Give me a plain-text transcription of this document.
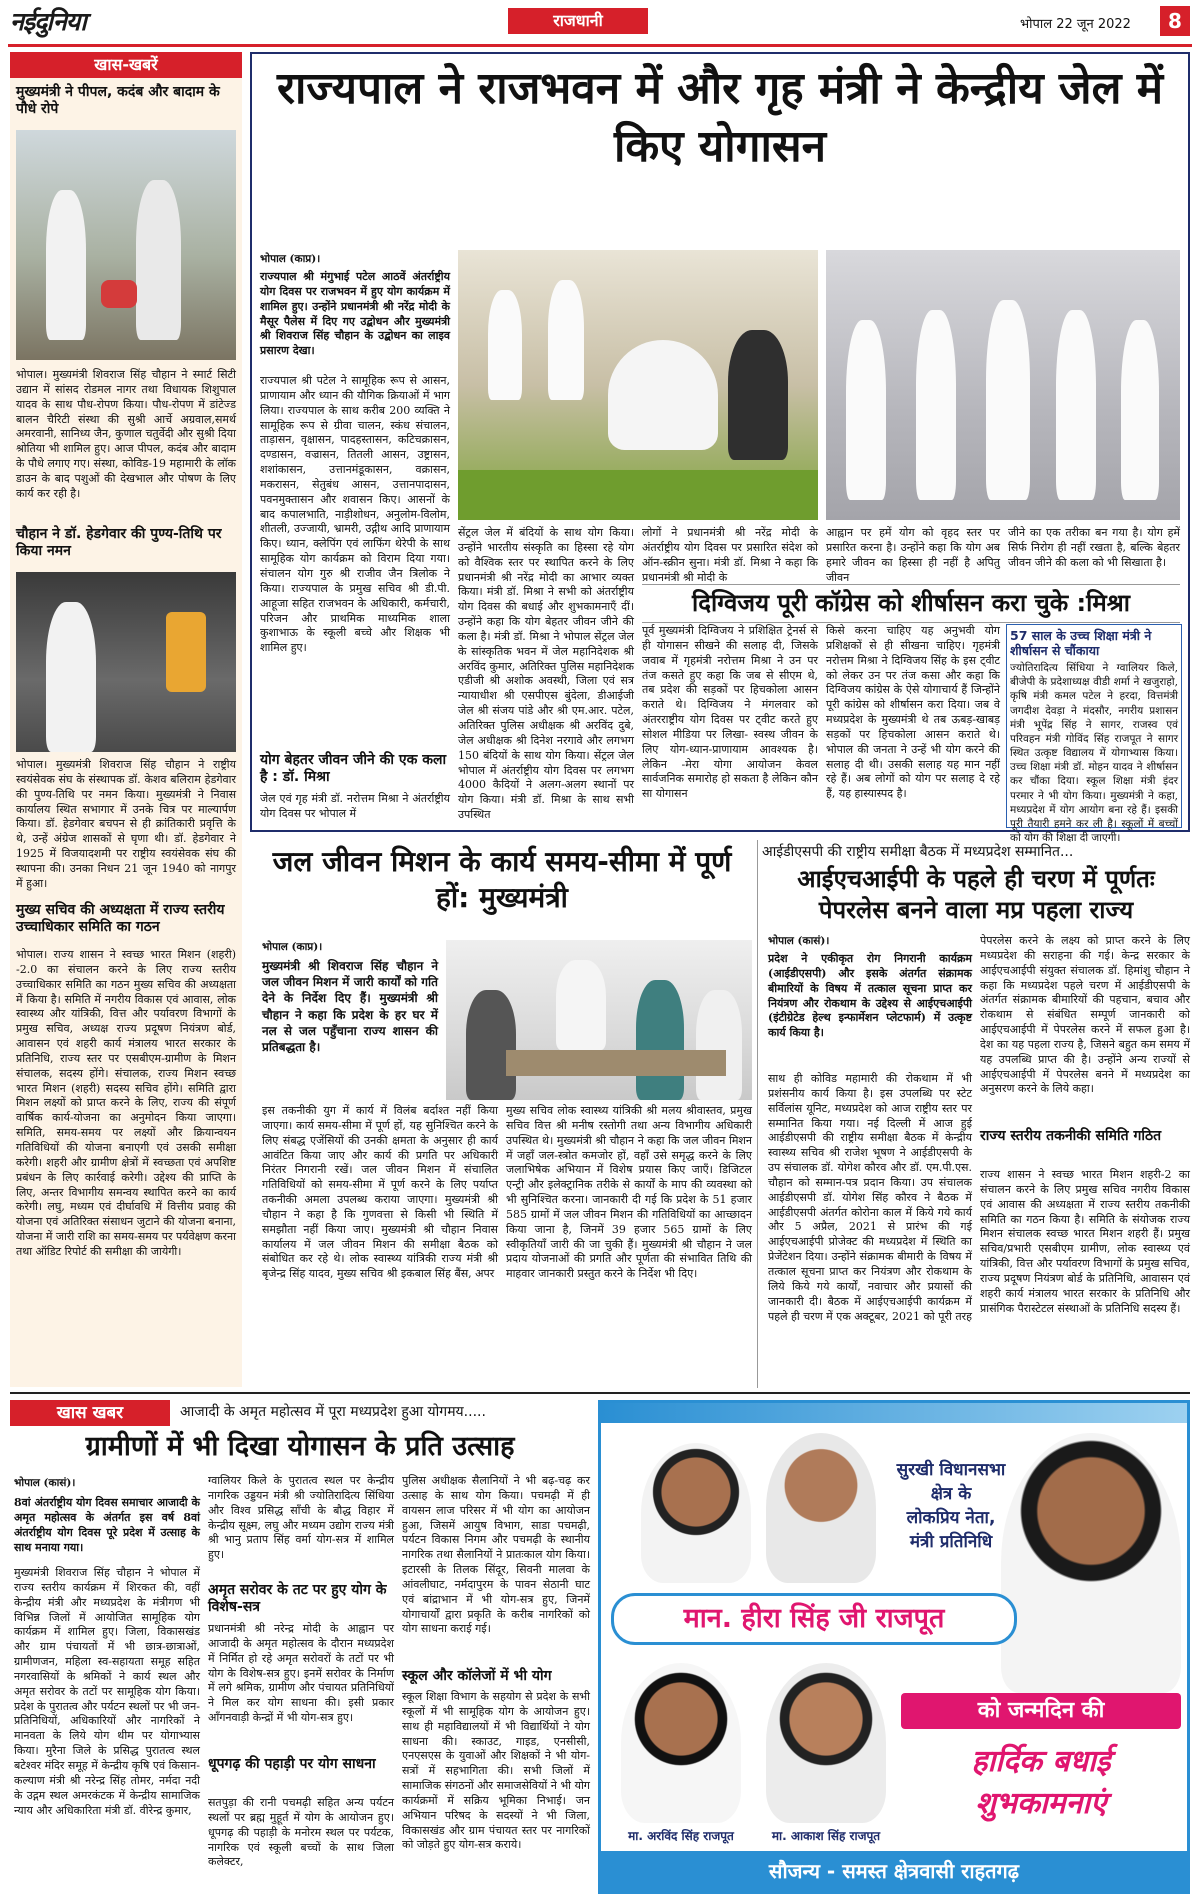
नईदुनिया	राजधानी	भोपाल 22 जून 2022	8
खास-खबरें
मुख्यमंत्री ने पीपल, कदंब और बादाम के पौधे रोपे
भोपाल। मुख्यमंत्री शिवराज सिंह चौहान ने स्मार्ट सिटी उद्यान में सांसद रोडमल नागर तथा विधायक शिशुपाल यादव के साथ पौध-रोपण किया। पौध-रोपण में डांटेज्ड बालन चैरिटी संस्था की सुश्री आर्चे अग्रवाल,समर्थ अमरवानी, सानिध्य जैन, कुणाल चतुर्वेदी और सुश्री दिया श्रोतिया भी शामिल हुए। आज पीपल, कदंब और बादाम के पौधे लगाए गए। संस्था, कोविड-19 महामारी के लॉक डाउन के बाद पशुओं की देखभाल और पोषण के लिए कार्य कर रही है।
चौहान ने डॉ. हेडगेवार की पुण्य-तिथि पर किया नमन
भोपाल। मुख्यमंत्री शिवराज सिंह चौहान ने राष्ट्रीय स्वयंसेवक संघ के संस्थापक डॉ. केशव बलिराम हेडगेवार की पुण्य-तिथि पर नमन किया। मुख्यमंत्री ने निवास कार्यालय स्थित सभागार में उनके चित्र पर माल्यार्पण किया। डॉ. हेडगेवार बचपन से ही क्रांतिकारी प्रवृत्ति के थे, उन्हें अंग्रेज शासकों से घृणा थी। डॉ. हेडगेवार ने 1925 में विजयादशमी पर राष्ट्रीय स्वयंसेवक संघ की स्थापना की। उनका निधन 21 जून 1940 को नागपुर में हुआ।
मुख्य सचिव की अध्यक्षता में राज्य स्तरीय उच्चाधिकार समिति का गठन
भोपाल। राज्य शासन ने स्वच्छ भारत मिशन (शहरी) -2.0 का संचालन करने के लिए राज्य स्तरीय उच्चाधिकार समिति का गठन मुख्य सचिव की अध्यक्षता में किया है। समिति में नगरीय विकास एवं आवास, लोक स्वास्थ्य और यांत्रिकी, वित्त और पर्यावरण विभागों के प्रमुख सचिव, अध्यक्ष राज्य प्रदूषण नियंत्रण बोर्ड, आवासन एवं शहरी कार्य मंत्रालय भारत सरकार के प्रतिनिधि, राज्य स्तर पर एसबीएम-ग्रामीण के मिशन संचालक, सदस्य होंगे। संचालक, राज्य मिशन स्वच्छ भारत मिशन (शहरी) सदस्य सचिव होंगे। समिति द्वारा मिशन लक्ष्यों को प्राप्त करने के लिए, राज्य की संपूर्ण वार्षिक कार्य-योजना का अनुमोदन किया जाएगा। समिति, समय-समय पर लक्ष्यों और क्रियान्वयन गतिविधियों की योजना बनाएगी एवं उसकी समीक्षा करेगी। शहरी और ग्रामीण क्षेत्रों में स्वच्छता एवं अपशिष्ट प्रबंधन के लिए कार्रवाई करेगी। उद्देश्य की प्राप्ति के लिए, अन्तर विभागीय समन्वय स्थापित करने का कार्य करेगी। लघु, मध्यम एवं दीर्घावधि में वित्तीय प्रवाह की योजना एवं अतिरिक्त संसाधन जुटाने की योजना बनाना, योजना में जारी राशि का समय-समय पर पर्यवेक्षण करना तथा ऑडिट रिपोर्ट की समीक्षा की जायेगी।
राज्यपाल ने राजभवन में और गृह मंत्री ने केन्द्रीय जेल में किए योगासन
भोपाल (काप्र)।
राज्यपाल श्री मंगुभाई पटेल आठवें अंतर्राष्ट्रीय योग दिवस पर राजभवन में हुए योग कार्यक्रम में शामिल हुए। उन्होंने प्रधानमंत्री श्री नरेंद्र मोदी के मैसूर पैलेस में दिए गए उद्बोधन और मुख्यमंत्री श्री शिवराज सिंह चौहान के उद्बोधन का लाइव प्रसारण देखा।
राज्यपाल श्री पटेल ने सामूहिक रूप से आसन, प्राणायाम और ध्यान की यौगिक क्रियाओं में भाग लिया। राज्यपाल के साथ करीब 200 व्यक्ति ने सामूहिक रूप से ग्रीवा चालन, स्कंध संचालन, ताड़ासन, वृक्षासन, पादहस्तासन, कटिचक्रासन, दण्डासन, वज्रासन, तितली आसन, उष्ट्रासन, शशांकासन, उत्तानमंडूकासन, वक्रासन, मकरासन, सेतुबंध आसन, उत्तानपादासन, पवनमुक्तासन और शवासन किए। आसनों के बाद कपालभाति, नाड़ीशोधन, अनुलोम-विलोम, शीतली, उज्जायी, भ्रामरी, उद्गीथ आदि प्राणायाम किए। ध्यान, क्लेपिंग एवं लाफिंग थेरेपी के साथ सामूहिक योग कार्यक्रम को विराम दिया गया। संचालन योग गुरु श्री राजीव जैन त्रिलोक ने किया। राज्यपाल के प्रमुख सचिव श्री डी.पी. आहूजा सहित राजभवन के अधिकारी, कर्मचारी, परिजन और प्राथमिक माध्यमिक शाला कुशाभाऊ के स्कूली बच्चे और शिक्षक भी शामिल हुए।
योग बेहतर जीवन जीने की एक कला है : डॉ. मिश्रा
जेल एवं गृह मंत्री डॉ. नरोत्तम मिश्रा ने अंतर्राष्ट्रीय योग दिवस पर भोपाल में
सेंट्रल जेल में बंदियों के साथ योग किया। उन्होंने भारतीय संस्कृति का हिस्सा रहे योग को वैश्विक स्तर पर स्थापित करने के लिए प्रधानमंत्री श्री नरेंद्र मोदी का आभार व्यक्त किया। मंत्री डॉ. मिश्रा ने सभी को अंतर्राष्ट्रीय योग दिवस की बधाई और शुभकामनाएँ दीं। उन्होंने कहा कि योग बेहतर जीवन जीने की कला है। मंत्री डॉ. मिश्रा ने भोपाल सेंट्रल जेल के सांस्कृतिक भवन में जेल महानिदेशक श्री अरविंद कुमार, अतिरिक्त पुलिस महानिदेशक एडीजी श्री अशोक अवस्थी, जिला एवं सत्र न्यायाधीश श्री एसपीएस बुंदेला, डीआईजी जेल श्री संजय पांडे और श्री एम.आर. पटेल, अतिरिक्त पुलिस अधीक्षक श्री अरविंद दुबे, जेल अधीक्षक श्री दिनेश नरगावे और लगभग 150 बंदियों के साथ योग किया। सेंट्रल जेल भोपाल में अंतर्राष्ट्रीय योग दिवस पर लगभग 4000 कैदियों ने अलग-अलग स्थानों पर योग किया। मंत्री डॉ. मिश्रा के साथ सभी उपस्थित
लोगों ने प्रधानमंत्री श्री नरेंद्र मोदी के अंतर्राष्ट्रीय योग दिवस पर प्रसारित संदेश को ऑन-स्क्रीन सुना। मंत्री डॉ. मिश्रा ने कहा कि प्रधानमंत्री श्री मोदी के
आह्वान पर हमें योग को वृहद स्तर पर प्रसारित करना है। उन्होंने कहा कि योग अब हमारे जीवन का हिस्सा ही नहीं है अपितु जीवन
जीने का एक तरीका बन गया है। योग हमें सिर्फ निरोग ही नहीं रखता है, बल्कि बेहतर जीवन जीने की कला को भी सिखाता है।
दिग्विजय पूरी कॉग्रेस को शीर्षासन करा चुके :मिश्रा
पूर्व मुख्यमंत्री दिग्विजय ने प्रशिक्षित ट्रेनर्स से ही योगासन सीखने की सलाह दी, जिसके जवाब में गृहमंत्री नरोत्तम मिश्रा ने उन पर तंज कसते हुए कहा कि जब से सीएम थे, तब प्रदेश की सड़कों पर हिचकोला आसन कराते थे। दिग्विजय ने मंगलवार को अंतरराष्ट्रीय योग दिवस पर ट्वीट करते हुए सोशल मीडिया पर लिखा- स्वस्थ जीवन के लिए योग-ध्यान-प्राणायाम आवश्यक है। लेकिन -मेरा योगा आयोजन केवल सार्वजनिक समारोह हो सकता है लेकिन कौन सा योगासन
किसे करना चाहिए यह अनुभवी योग प्रशिक्षकों से ही सीखना चाहिए। गृहमंत्री नरोत्तम मिश्रा ने दिग्विजय सिंह के इस ट्वीट को लेकर उन पर तंज कसा और कहा कि दिग्विजय कांग्रेस के ऐसे योगाचार्य हैं जिन्होंने पूरी कांग्रेस को शीर्षासन करा दिया। जब वे मध्यप्रदेश के मुख्यमंत्री थे तब ऊबड़-खाबड़ सड़कों पर हिचकोला आसन कराते थे। भोपाल की जनता ने उन्हें भी योग करने की सलाह दी थी। उसकी सलाह यह मान नहीं रहे हैं। अब लोगों को योग पर सलाह दे रहे हैं, यह हास्यास्पद है।
57 साल के उच्च शिक्षा मंत्री ने शीर्षासन से चौंकाया
ज्योतिरादित्य सिंधिया ने ग्वालियर किले, बीजेपी के प्रदेशाध्यक्ष वीडी शर्मा ने खजुराहो, कृषि मंत्री कमल पटेल ने हरदा, वित्तमंत्री जगदीश देवड़ा ने मंदसौर, नगरीय प्रशासन मंत्री भूपेंद्र सिंह ने सागर, राजस्व एवं परिवहन मंत्री गोविंद सिंह राजपूत ने सागर स्थित उत्कृष्ट विद्यालय में योगाभ्यास किया। उच्च शिक्षा मंत्री डॉ. मोहन यादव ने शीर्षासन कर चौंका दिया। स्कूल शिक्षा मंत्री इंदर परमार ने भी योग किया। मुख्यमंत्री ने कहा, मध्यप्रदेश में योग आयोग बना रहे हैं। इसकी पूरी तैयारी हमने कर ली है। स्कूलों में बच्चों को योग की शिक्षा दी जाएगी।
जल जीवन मिशन के कार्य समय-सीमा में पूर्ण हों: मुख्यमंत्री
भोपाल (काप्र)।
मुख्यमंत्री श्री शिवराज सिंह चौहान ने जल जीवन मिशन में जारी कार्यों को गति देने के निर्देश दिए हैं। मुख्यमंत्री श्री चौहान ने कहा कि प्रदेश के हर घर में नल से जल पहुँचाना राज्य शासन की प्रतिबद्धता है।
इस तकनीकी युग में कार्य में विलंब बर्दाश्त नहीं किया जाएगा। कार्य समय-सीमा में पूर्ण हों, यह सुनिश्चित करने के लिए संबद्ध एजेंसियों की उनकी क्षमता के अनुसार ही कार्य आवंटित किया जाए और कार्य की प्रगति पर अधिकारी निरंतर निगरानी रखें। जल जीवन मिशन में संचालित गतिविधियों को समय-सीमा में पूर्ण करने के लिए पर्याप्त तकनीकी अमला उपलब्ध कराया जाएगा। मुख्यमंत्री श्री चौहान ने कहा है कि गुणवत्ता से किसी भी स्थिति में समझौता नहीं किया जाए। मुख्यमंत्री श्री चौहान निवास कार्यालय में जल जीवन मिशन की समीक्षा बैठक को संबोधित कर रहे थे। लोक स्वास्थ्य यांत्रिकी राज्य मंत्री श्री बृजेन्द्र सिंह यादव, मुख्य सचिव श्री इकबाल सिंह बैंस, अपर
मुख्य सचिव लोक स्वास्थ्य यांत्रिकी श्री मलय श्रीवास्तव, प्रमुख सचिव वित्त श्री मनीष रस्तोगी तथा अन्य विभागीय अधिकारी उपस्थित थे। मुख्यमंत्री श्री चौहान ने कहा कि जल जीवन मिशन में जहाँ जल-स्त्रोत कमजोर हों, वहाँ उसे समृद्ध करने के लिए जलाभिषेक अभियान में विशेष प्रयास किए जाएँ। डिजिटल एन्ट्री और इलेक्ट्रानिक तरीके से कार्यों के माप की व्यवस्था को भी सुनिश्चित करना। जानकारी दी गई कि प्रदेश के 51 हजार 585 ग्रामों में जल जीवन मिशन की गतिविधियों का आच्छादन किया जाना है, जिनमें 39 हजार 565 ग्रामों के लिए स्वीकृतियाँ जारी की जा चुकी हैं। मुख्यमंत्री श्री चौहान ने जल प्रदाय योजनाओं की प्रगति और पूर्णता की संभावित तिथि की माहवार जानकारी प्रस्तुत करने के निर्देश भी दिए।
आईडीएसपी की राष्ट्रीय समीक्षा बैठक में मध्यप्रदेश सम्मानित...
आईएचआईपी के पहले ही चरण में पूर्णतः पेपरलेस बनने वाला मप्र पहला राज्य
भोपाल (कासं)।
प्रदेश ने एकीकृत रोग निगरानी कार्यक्रम (आईडीएसपी) और इसके अंतर्गत संक्रामक बीमारियों के विषय में तत्काल सूचना प्राप्त कर नियंत्रण और रोकथाम के उद्देश्य से आईएचआईपी (इंटीग्रेटेड हेल्थ इन्फार्मेशन प्लेटफार्म) में उत्कृष्ट कार्य किया है।
साथ ही कोविड महामारी की रोकथाम में भी प्रशंसनीय कार्य किया है। इस उपलब्धि पर स्टेट सर्विलांस यूनिट, मध्यप्रदेश को आज राष्ट्रीय स्तर पर सम्मानित किया गया। नई दिल्ली में आज हुई आईडीएसपी की राष्ट्रीय समीक्षा बैठक में केन्द्रीय स्वास्थ्य सचिव श्री राजेश भूषण ने आईडीएसपी के उप संचालक डॉ. योगेश कौरव और डॉ. एम.पी.एस. चौहान को सम्मान-पत्र प्रदान किया। उप संचालक आईडीएसपी डॉ. योगेश सिंह कौरव ने बैठक में आईडीएसपी अंतर्गत कोरोना काल में किये गये कार्य और 5 अप्रैल, 2021 से प्रारंभ की गई आईएचआईपी प्रोजेक्ट की मध्यप्रदेश में स्थिति का प्रेजेंटेशन दिया। उन्होंने संक्रामक बीमारी के विषय में तत्काल सूचना प्राप्त कर नियंत्रण और रोकथाम के लिये किये गये कार्यों, नवाचार और प्रयासों की जानकारी दी। बैठक में आईएचआईपी कार्यक्रम में पहले ही चरण में एक अक्टूबर, 2021 को पूरी तरह
पेपरलेस करने के लक्ष्य को प्राप्त करने के लिए मध्यप्रदेश की सराहना की गई। केन्द्र सरकार के आईएचआईपी संयुक्त संचालक डॉ. हिमांशु चौहान ने कहा कि मध्यप्रदेश पहले चरण में आईडीएसपी के अंतर्गत संक्रामक बीमारियों की पहचान, बचाव और रोकथाम से संबंधित सम्पूर्ण जानकारी को आईएचआईपी में पेपरलेस करने में सफल हुआ है। देश का यह पहला राज्य है, जिसने बहुत कम समय में यह उपलब्धि प्राप्त की है। उन्होंने अन्य राज्यों से आईएचआईपी में पेपरलेस बनने में मध्यप्रदेश का अनुसरण करने के लिये कहा।
राज्य स्तरीय तकनीकी समिति गठित
राज्य शासन ने स्वच्छ भारत मिशन शहरी-2 का संचालन करने के लिए प्रमुख सचिव नगरीय विकास एवं आवास की अध्यक्षता में राज्य स्तरीय तकनीकी समिति का गठन किया है। समिति के संयोजक राज्य मिशन संचालक स्वच्छ भारत मिशन शहरी हैं। प्रमुख सचिव/प्रभारी एसबीएम ग्रामीण, लोक स्वास्थ्य एवं यांत्रिकी, वित्त और पर्यावरण विभागों के प्रमुख सचिव, राज्य प्रदूषण नियंत्रण बोर्ड के प्रतिनिधि, आवासन एवं शहरी कार्य मंत्रालय भारत सरकार के प्रतिनिधि और प्रासंगिक पैरास्टेटल संस्थाओं के प्रतिनिधि सदस्य हैं।
खास खबर	आजादी के अमृत महोत्सव में पूरा मध्यप्रदेश हुआ योगमय.....
ग्रामीणों में भी दिखा योगासन के प्रति उत्साह
भोपाल (कासं)।
8वां अंतर्राष्ट्रीय योग दिवस समाचार आजादी के अमृत महोत्सव के अंतर्गत इस वर्ष 8वां अंतर्राष्ट्रीय योग दिवस पूरे प्रदेश में उत्साह के साथ मनाया गया।
मुख्यमंत्री शिवराज सिंह चौहान ने भोपाल में राज्य स्तरीय कार्यक्रम में शिरकत की, वहीं केन्द्रीय मंत्री और मध्यप्रदेश के मंत्रीगण भी विभिन्न जिलों में आयोजित सामूहिक योग कार्यक्रम में शामिल हुए। जिला, विकासखंड और ग्राम पंचायतों में भी छात्र-छात्राओं, ग्रामीणजन, महिला स्व-सहायता समूह सहित नगरवासियों के श्रमिकों ने कार्य स्थल और अमृत सरोवर के तटों पर सामूहिक योग किया। प्रदेश के पुरातत्व और पर्यटन स्थलों पर भी जन-प्रतिनिधियों, अधिकारियों और नागरिकों ने मानवता के लिये योग थीम पर योगाभ्यास किया। मुरैना जिले के प्रसिद्ध पुरातत्व स्थल बटेश्वर मंदिर समूह में केन्द्रीय कृषि एवं किसान-कल्याण मंत्री श्री नरेन्द्र सिंह तोमर, नर्मदा नदी के उद्गम स्थल अमरकंटक में केन्द्रीय सामाजिक न्याय और अधिकारिता मंत्री डॉ. वीरेन्द्र कुमार,
ग्वालियर किले के पुरातत्व स्थल पर केन्द्रीय नागरिक उड्डयन मंत्री श्री ज्योतिरादित्य सिंधिया और विश्व प्रसिद्ध साँची के बौद्ध विहार में केन्द्रीय सूक्ष्म, लघु और मध्यम उद्योग राज्य मंत्री श्री भानु प्रताप सिंह वर्मा योग-सत्र में शामिल हुए।
अमृत सरोवर के तट पर हुए योग के विशेष-सत्र
प्रधानमंत्री श्री नरेन्द्र मोदी के आह्वान पर आजादी के अमृत महोत्सव के दौरान मध्यप्रदेश में निर्मित हो रहे अमृत सरोवरों के तटों पर भी योग के विशेष-सत्र हुए। इनमें सरोवर के निर्माण में लगे श्रमिक, ग्रामीण और पंचायत प्रतिनिधियों ने मिल कर योग साधना की। इसी प्रकार आँगनवाड़ी केन्द्रों में भी योग-सत्र हुए।
धूपगढ़ की पहाड़ी पर योग साधना
सतपुड़ा की रानी पचमढ़ी सहित अन्य पर्यटन स्थलों पर ब्रह्म मुहूर्त में योग के आयोजन हुए। धूपगढ़ की पहाड़ी के मनोरम स्थल पर पर्यटक, नागरिक एवं स्कूली बच्चों के साथ जिला कलेक्टर,
पुलिस अधीक्षक सैलानियों ने भी बढ़-चढ़ कर उत्साह के साथ योग किया। पचमढ़ी में ही वायसन लाज परिसर में भी योग का आयोजन हुआ, जिसमें आयुष विभाग, साडा पचमढ़ी, पर्यटन विकास निगम और पचमढ़ी के स्थानीय नागरिक तथा सैलानियों ने प्रातःकाल योग किया। इटारसी के तिलक सिंदूर, सिवनी मालवा के आंवलीघाट, नर्मदापुरम के पावन सेठानी घाट एवं बांद्राभान में भी योग-सत्र हुए, जिनमें योगाचार्यों द्वारा प्रकृति के करीब नागरिकों को योग साधना कराई गई।
स्कूल और कॉलेजों में भी योग
स्कूल शिक्षा विभाग के सहयोग से प्रदेश के सभी स्कूलों में भी सामूहिक योग के आयोजन हुए। साथ ही महाविद्यालयों में भी विद्यार्थियों ने योग साधना की। स्काउट, गाइड, एनसीसी, एनएसएस के युवाओं और शिक्षकों ने भी योग-सत्रों में सहभागिता की। सभी जिलों में सामाजिक संगठनों और समाजसेवियों ने भी योग कार्यक्रमों में सक्रिय भूमिका निभाई। जन अभियान परिषद के सदस्यों ने भी जिला, विकासखंड और ग्राम पंचायत स्तर पर नागरिकों को जोड़ते हुए योग-सत्र कराये।
सुरखी विधानसभा
क्षेत्र के
लोकप्रिय नेता,
मंत्री प्रतिनिधि
मान. हीरा सिंह जी राजपूत
को जन्मदिन की
हार्दिक बधाई
शुभकामनाएं
मा. अरविंद सिंह राजपूत	मा. आकाश सिंह राजपूत
सौजन्य - समस्त क्षेत्रवासी राहतगढ़
